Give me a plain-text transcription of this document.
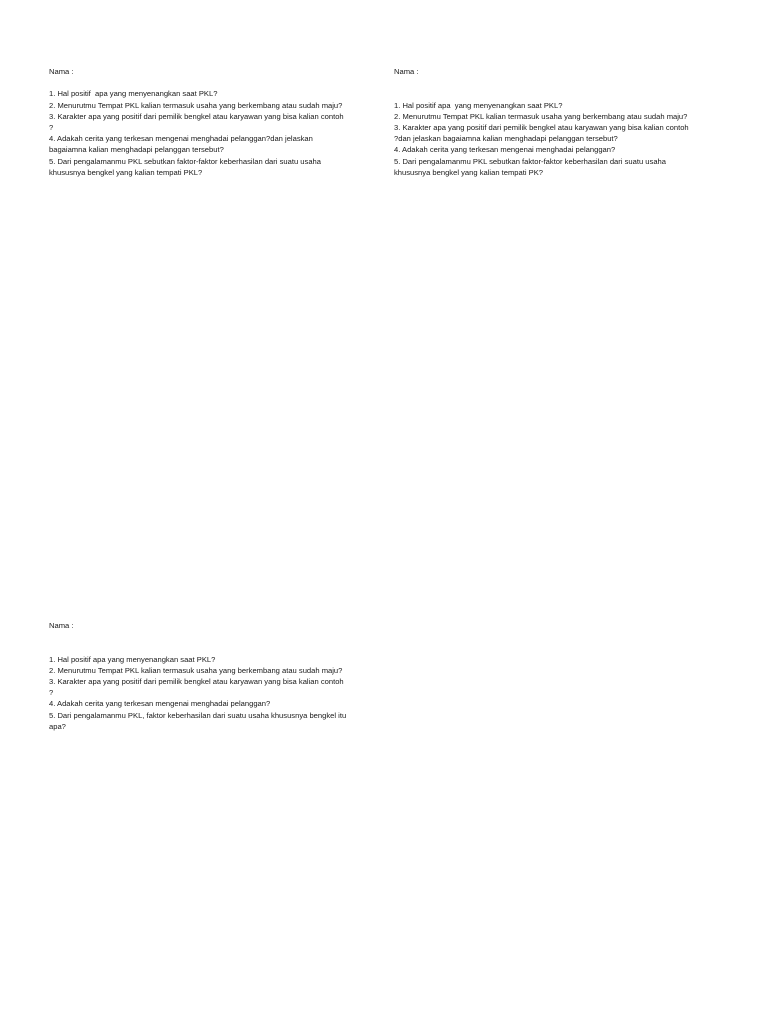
Nama :
1. Hal positif  apa yang menyenangkan saat PKL?
2. Menurutmu Tempat PKL kalian termasuk usaha yang berkembang atau sudah maju?
3. Karakter apa yang positif dari pemilik bengkel atau karyawan yang bisa kalian contoh
?
4. Adakah cerita yang terkesan mengenai menghadai pelanggan?dan jelaskan
bagaiamna kalian menghadapi pelanggan tersebut?
5. Dari pengalamanmu PKL sebutkan faktor-faktor keberhasilan dari suatu usaha
khususnya bengkel yang kalian tempati PKL?
Nama :
1. Hal positif apa  yang menyenangkan saat PKL?
2. Menurutmu Tempat PKL kalian termasuk usaha yang berkembang atau sudah maju?
3. Karakter apa yang positif dari pemilik bengkel atau karyawan yang bisa kalian contoh
?dan jelaskan bagaiamna kalian menghadapi pelanggan tersebut?
4. Adakah cerita yang terkesan mengenai menghadai pelanggan?
5. Dari pengalamanmu PKL sebutkan faktor-faktor keberhasilan dari suatu usaha
khususnya bengkel yang kalian tempati PK?
Nama :
1. Hal positif apa yang menyenangkan saat PKL?
2. Menurutmu Tempat PKL kalian termasuk usaha yang berkembang atau sudah maju?
3. Karakter apa yang positif dari pemilik bengkel atau karyawan yang bisa kalian contoh
?
4. Adakah cerita yang terkesan mengenai menghadai pelanggan?
5. Dari pengalamanmu PKL, faktor keberhasilan dari suatu usaha khususnya bengkel itu
apa?
